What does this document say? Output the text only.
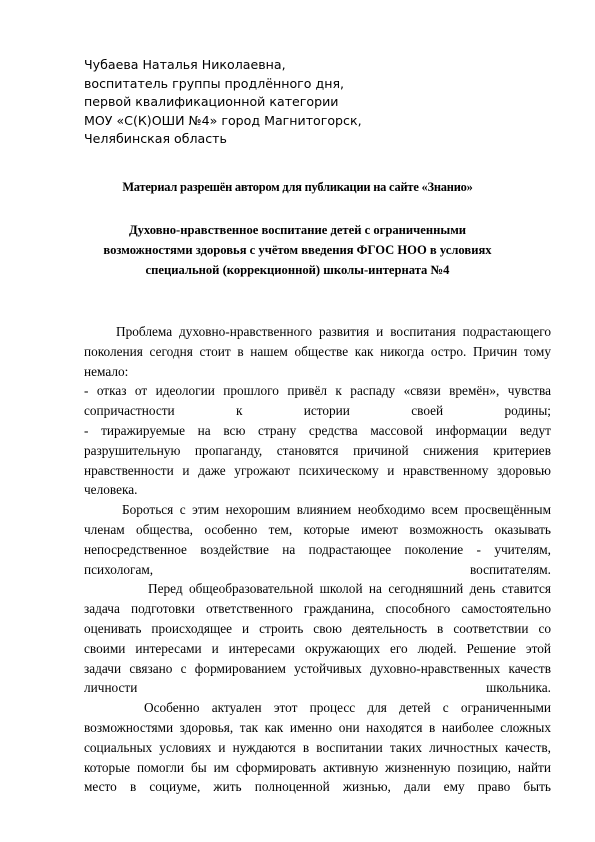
Чубаева Наталья Николаевна,
воспитатель группы продлённого дня,
первой квалификационной категории
МОУ «С(К)ОШИ №4» город Магнитогорск,
Челябинская область
Материал разрешён автором для публикации на сайте «Знанио»
Духовно-нравственное воспитание детей с ограниченными
возможностями здоровья с учётом введения ФГОС НОО в условиях
специальной (коррекционной) школы-интерната №4
Проблема духовно-нравственного развития и воспитания подрастающего
поколения сегодня стоит в нашем обществе как никогда остро. Причин тому
немало:
- отказ от идеологии прошлого привёл к распаду «связи времён», чувства
сопричастности к истории своей родины;
- тиражируемые на всю страну средства массовой информации ведут
разрушительную пропаганду, становятся причиной снижения критериев
нравственности и даже угрожают психическому и нравственному здоровью
человека.
Бороться с этим нехорошим влиянием необходимо всем просвещённым
членам общества, особенно тем, которые имеют возможность оказывать
непосредственное воздействие на подрастающее поколение - учителям,
психологам, воспитателям.
Перед общеобразовательной школой на сегодняшний день ставится
задача подготовки ответственного гражданина, способного самостоятельно
оценивать происходящее и строить свою деятельность в соответствии со
своими интересами и интересами окружающих его людей. Решение этой
задачи связано с формированием устойчивых духовно-нравственных качеств
личности школьника.
Особенно актуален этот процесс для детей с ограниченными
возможностями здоровья, так как именно они находятся в наиболее сложных
социальных условиях и нуждаются в воспитании таких личностных качеств,
которые помогли бы им сформировать активную жизненную позицию, найти
место в социуме, жить полноценной жизнью, дали ему право быть
